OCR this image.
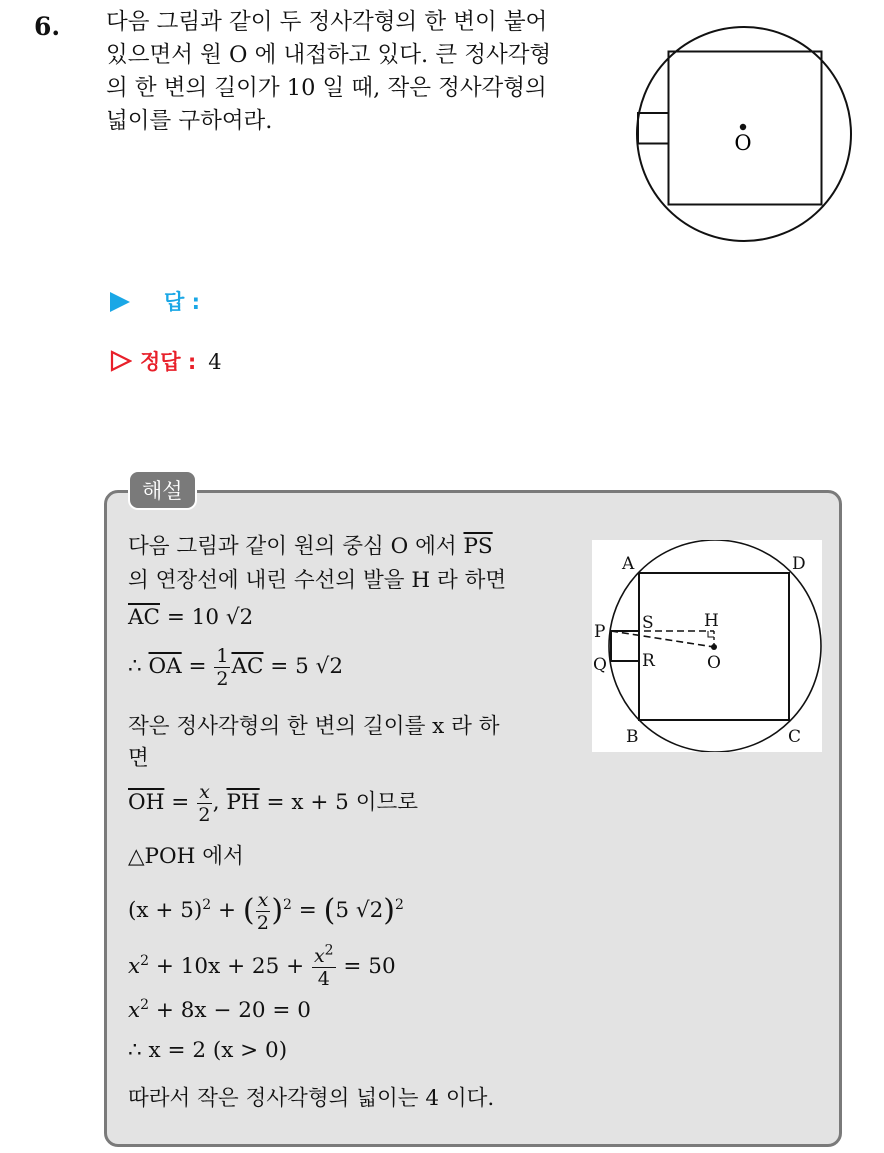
6. 다음 그림과 같이 두 정사각형의 한 변이 붙어
있으면서 원 O 에 내접하고 있다. 큰 정사각형
의 한 변의 길이가 10 일 때, 작은 정사각형의
넓이를 구하여라.
O
답 :
정답 : 4
해설
다음 그림과 같이 원의 중심 O 에서 $\overline{PS}$
의 연장선에 내린 수선의 발을 H 라 하면
$\overline{AC} = 10$ √2
∴ $\overline{OA} = \frac{1}{2} \overline{AC} = 5$ √2
작은 정사각형의 한 변의 길이를 x 라 하
면
$\overline{OH} = \frac{x}{2}$ , $\overline{PH} = x + 5$ 이므로
△POH 에서
$(x + 5)^2$ + ( $\frac{x}{2} )^2 = (5$ √2)$^2$
$x^2 + 10x + 25 + \frac{x^2}{4} = 50$
$x^2 + 8x - 20 = 0$
∴ x = 2 (x > 0)
따라서 작은 정사각형의 넓이는 4 이다.
A	D
B	C
P
Q
S
R
H
O
